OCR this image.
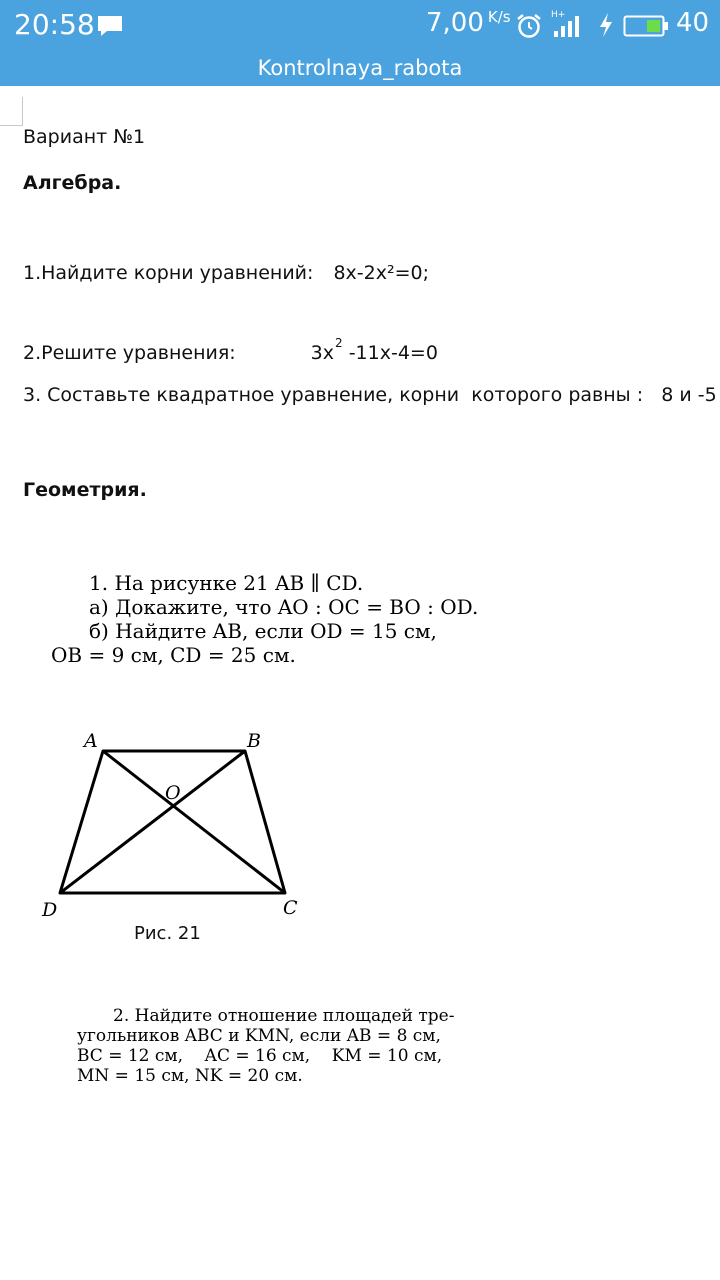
20:58	7,00 $^{K/s}$	H+	40
Kontrolnaya_rabota
Вариант №1
Алгебра.
1.Найдите корни уравнений: 8x-2x²=0;
2.Решите уравнения:	$3x^2$ -11x-4=0
3. Составьте квадратное уравнение, корни  которого равны :   8 и -5
Геометрия.
1. На рисунке 21 AB ∥ CD.
а) Докажите, что AO : OC = BO : OD.
б) Найдите AB, если OD = 15 см,
OB = 9 см, CD = 25 см.
A	B
O
D	C
Рис. 21
2. Найдите отношение площадей тре-
угольников ABC и KMN, если AB = 8 см,
BC = 12 см,    AC = 16 см,    KM = 10 см,
MN = 15 см, NK = 20 см.
